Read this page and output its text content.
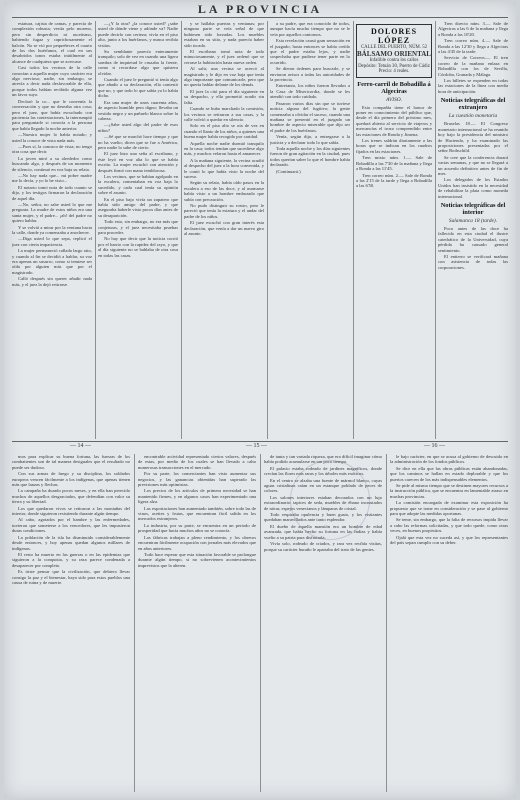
LA PROVINCIA

estatura, cajista de camas, y parecía de complexión robusta; vestía pelo moreno, pero sin desperdicio ni ascetismo, habiendo fugaz y caprichosamente el balcón. No se vió por pequeñeces el cuarto de los dos huérfanos, el cual en sus desabridos tonos estaba inútilmente al alcance de cualquiera que se acercase.

Casi todos los vecinos de la calle conocían a aquella mujer cuyo carácter era algo nervioso; nadie, sin embargo, se atrevía a decir nada desfavorable de ella, porque todos habían recibido alguna vez un favor suyo.

Declaró la co... que le convenía la conversación y que no deseaba otra cosa; pero el juez, que había escuchado con paciencia las contestaciones, la interrumpió para preguntarle si conocía a la persona que había llegado la noche anterior.

—Nuestra mujer lo había notado; y usted la conoce de vista nada más.

—Pues sí, la conozco de vista; no tengo otra cosa que decir.

La joven miró a su alrededor como buscando algo, y después de un momento de silencio, continuó en voz baja su relato.

—No hay nada que... mi pobre madre me lo decía, y yo lo he visto...

El notario tomó nota de todo cuanto se dijo, y los testigos firmaron la declaración de aquel día.

—No, señor, no sabe usted lo que me pregunta. La madre de estos niños era una santa mujer, y el padre... ¡ah! del padre no quiero hablar.

Y se volvió a mirar por la ventana hacia la calle, donde ya comenzaba a anochecer.

—Diga usted lo que sepa, replicó el juez con cierta impaciencia.

La mujer permaneció callada largo rato, y cuando al fin se decidió a hablar, su voz era apenas un susurro, como si temiese ser oída por alguien más que por el magistrado.

Calló después sin querer añadir nada más, y el juez la dejó retirarse.

—¿Y la otra? ¿la conoce usted? ¿sabe usted de dónde viene y adónde va? Nadie puede decirlo con certeza; vivía en el piso alto, junto a los huérfanos, y nunca recibía visitas.

Su semblante parecía enteramente tranquilo; solo de vez en cuando una ligera sombra de inquietud le cruzaba la frente, como si recordase algo que quisiera olvidar.

Cuando el juez le preguntó si tenía algo que añadir a su declaración, ella contestó que no, y que todo lo que sabía ya lo había dicho.

Era una mujer de unos cuarenta años, de aspecto humilde pero digno; llevaba un vestido negro y un pañuelo blanco sobre la cabeza.

—¿Sabe usted algo del padre de esos niños?

—Sé que se marchó hace tiempo y que no ha vuelto; dicen que se fue a América, pero nadie lo sabe de cierto.

El juez hizo una seña al escribano, y éste leyó en voz alta lo que se había escrito. La mujer escuchó con atención y después firmó con mano temblorosa.

Los vecinos, que se habían agolpado en la escalera, comentaban en voz baja lo sucedido, y cada cual tenía su opinión sobre el asunto.

En el piso bajo vivía un zapatero que había sido amigo del padre, y que aseguraba haberle visto pocos días antes de su desaparición.

Todo esto, sin embargo, no era más que conjeturas, y el juez necesitaba pruebas para proceder.

No hay que decir que la noticia corrió por el barrio con la rapidez del rayo, y que al día siguiente no se hablaba de otra cosa en todas las casas.

y se hallaba puertas y ventanas; por ninguna parte se veía señal de que hubiesen sido forzadas. Los muebles estaban en su sitio, y nada parecía haber sido tocado.

El escribano tomó nota de todo minuciosamente, y el juez ordenó que se cerrase la habitación hasta nueva orden.

Al salir, una vecina se acercó al magistrado y le dijo en voz baja que tenía algo importante que comunicarle, pero que no quería hablar delante de los demás.

El juez la citó para el día siguiente en su despacho, y ella prometió acudir sin falta.

Cuando se hubo marchado la comisión, los vecinos se retiraron a sus casas, y la calle volvió a quedar en silencio.

Solo en el piso alto se oía de vez en cuando el llanto de los niños, a quienes una buena mujer había recogido por caridad.

Aquella noche nadie durmió tranquilo en la casa; todos temían que sucediese algo más, y muchos velaron hasta el amanecer.

A la mañana siguiente, la vecina acudió al despacho del juez a la hora convenida, y le contó lo que había visto la noche del suceso.

Según su relato, había oído pasos en la escalera a eso de las doce, y al asomarse había visto a un hombre embozado que subía con precaución.

No pudo distinguir su rostro, pero le pareció que tenía la estatura y el andar del padre de los niños.

El juez escuchó con gran interés esta declaración, que venía a dar un nuevo giro al asunto.

a su padre, que era conocido de todos, aunque hacía mucho tiempo que no se le veía por aquellos contornos.

Esta revelación causó gran sensación en el juzgado; hasta entonces se había creído que el padre estaba lejos, y nadie sospechaba que pudiese tener parte en lo ocurrido.

Se dieron órdenes para buscarle, y se enviaron avisos a todas las autoridades de la provincia.

Entretanto, los niños fueron llevados a la Casa de Misericordia, donde se les atendió con todo cuidado.

Pasaron varios días sin que se tuviese noticia alguna del fugitivo; la gente comenzaba a olvidar el suceso, cuando una mañana se presentó en el juzgado un hombre de aspecto miserable que dijo ser el padre de los huérfanos.

Venía, según dijo, a entregarse a la justicia y a declarar todo lo que sabía.

Toda aquella noche y los días siguientes fueron de gran agitación en la ciudad, pues todos querían saber lo que el hombre había declarado.

(Continuará.)

DOLORES LÓPEZ
CALLE DEL PUERTO, NÚM. 52
BÁLSAMO ORIENTAL
Infalible contra los callos
Depósito: Tetuán 30, Puerto de Cádiz
Precio: 4 reales.
Ferro-carril de Bobadilla á Algeciras
AVISO.

Esta compañía tiene el honor de poner en conocimiento del público que, desde el día primero del próximo mes, quedará abierto al servicio de viajeros y mercancías el trozo comprendido entre las estaciones de Ronda y Jimena.

Los trenes saldrán diariamente a las horas que se indican en los cuadros fijados en las estaciones.

Tren mixto núm. 1.— Sale de Bobadilla a las 7'30 de la mañana y llega a Ronda a las 11'45.

Tren correo núm. 2.— Sale de Ronda a las 2'15 de la tarde y llega a Bobadilla a las 6'50.

Tren directo núm. 3.— Sale de Algeciras a las 6 de la mañana y llega a Ronda a las 10'20.

Tren correo núm. 4.— Sale de Ronda a las 12'30 y llega a Algeciras a las 4'45 de la tarde.

Servicio de Correos.— El tren correo de la mañana enlaza en Bobadilla con los de Sevilla, Córdoba, Granada y Málaga.

Los billetes se expenden en todas las estaciones de la línea con media hora de anticipación.

Noticias telegráficas del extranjero
La cuestión monetaria

Bruselas 18.— El Congreso monetario internacional se ha reunido hoy bajo la presidencia del ministro de Hacienda, y ha examinado las proposiciones presentadas por el señor Rothschild.

Se cree que la conferencia durará varias semanas, y que no se llegará a un acuerdo definitivo antes de fin de mes.

Los delegados de los Estados Unidos han insistido en la necesidad de rehabilitar la plata como moneda internacional.

Noticias telegráficas del interior
Salamanca 18 (tarde).

Poco antes de las doce ha fallecido en esta ciudad el ilustre catedrático de la Universidad, cuya pérdida ha causado general sentimiento.

El entierro se verificará mañana con asistencia de todas las corporaciones.

— 14 —	— 15 —	— 16 —

mos para explicar su buena fortuna, las fuerzas de los combatientes son de tal manera desiguales que el resultado no puede ser dudoso.

Con sus armas de fuego y su disciplina, los soldados europeos vencen fácilmente a los indígenas, que apenas tienen más que lanzas y flechas.

La campaña ha durado pocos meses, y en ella han perecido muchos de aquellos desgraciados, que defendían con valor su tierra y su libertad.

Los que quedaron vivos se retiraron a las montañas del interior, donde siguieron resistiendo durante algún tiempo.

Al cabo, agotados por el hambre y las enfermedades, tuvieron que someterse a los vencedores, que les impusieron duras condiciones.

La población de la isla ha disminuido considerablemente desde entonces, y hoy apenas quedan algunos millares de indígenas.

El resto ha muerto en las guerras o en las epidemias que siguieron a la conquista, y su raza parece condenada a desaparecer por completo.

Es triste pensar que la civilización, que debiera llevar consigo la paz y el bienestar, haya sido para estos pueblos una causa de ruina y de muerte.

encontrable actividad representado ciertos valores, después de estas, por medio de los cuales se han llevado a cabo numerosas transacciones en el mercado.

Por su parte, los comerciantes han visto aumentar sus negocios, y las ganancias obtenidas han superado las previsiones más optimistas.

Los precios de los artículos de primera necesidad se han mantenido firmes, y en algunos casos han experimentado una ligera alza.

Las exportaciones han aumentado también, sobre todo las de vinos, aceites y frutas, que encuentran fácil salida en los mercados extranjeros.

La industria, por su parte, se encuentra en un periodo de prosperidad que hacía muchos años no se conocía.

Las fábricas trabajan a pleno rendimiento, y los obreros encuentran fácilmente ocupación con jornales más elevados que en años anteriores.

Todo hace esperar que esta situación favorable se prolongue durante algún tiempo, si no sobrevienen acontecimientos imprevistos que la alteren.

de tanta y tan variada riqueza, que era difícil imaginar cómo había podido acumularse en tan poco tiempo.

El palacio estaba rodeado de jardines magníficos, donde crecían las flores más raras y los árboles más exóticos.

En el centro se alzaba una fuente de mármol blanco, cuyas aguas cristalinas caían en un estanque poblado de peces de colores.

Los salones interiores estaban decorados con un lujo extraordinario: tapices de seda, muebles de ébano incrustados de nácar, espejos venecianos y lámparas de cristal.

Todo respiraba opulencia y buen gusto, y los visitantes quedaban maravillados ante tanto esplendor.

El dueño de aquella mansión era un hombre de edad avanzada, que había hecho su fortuna en las Indias y había vuelto a su patria para disfrutarla.

Vivía solo, rodeado de criados, y rara vez recibía visitas, porque su carácter huraño le apartaba del trato de las gentes.

le bajo carácter, en que se acusa al gobierno de descuido en la administración de los fondos públicos.

Se dice en ella que las obras públicas están abandonadas, que los caminos se hallan en estado deplorable y que los puertos carecen de los más indispensables elementos.

Se pide al mismo tiempo que se destinen mayores recursos a la instrucción pública, que se encuentra en lamentable atraso en muchas provincias.

La comisión encargada de examinar esta exposición ha propuesto que se tome en consideración y se pase al gobierno para que adopte las medidas oportunas.

Se teme, sin embargo, que la falta de recursos impida llevar a cabo las reformas solicitadas, y que todo quede, como otras veces, en buenos propósitos.

Ojalá que esta vez no suceda así, y que los representantes del país sepan cumplir con su deber.
